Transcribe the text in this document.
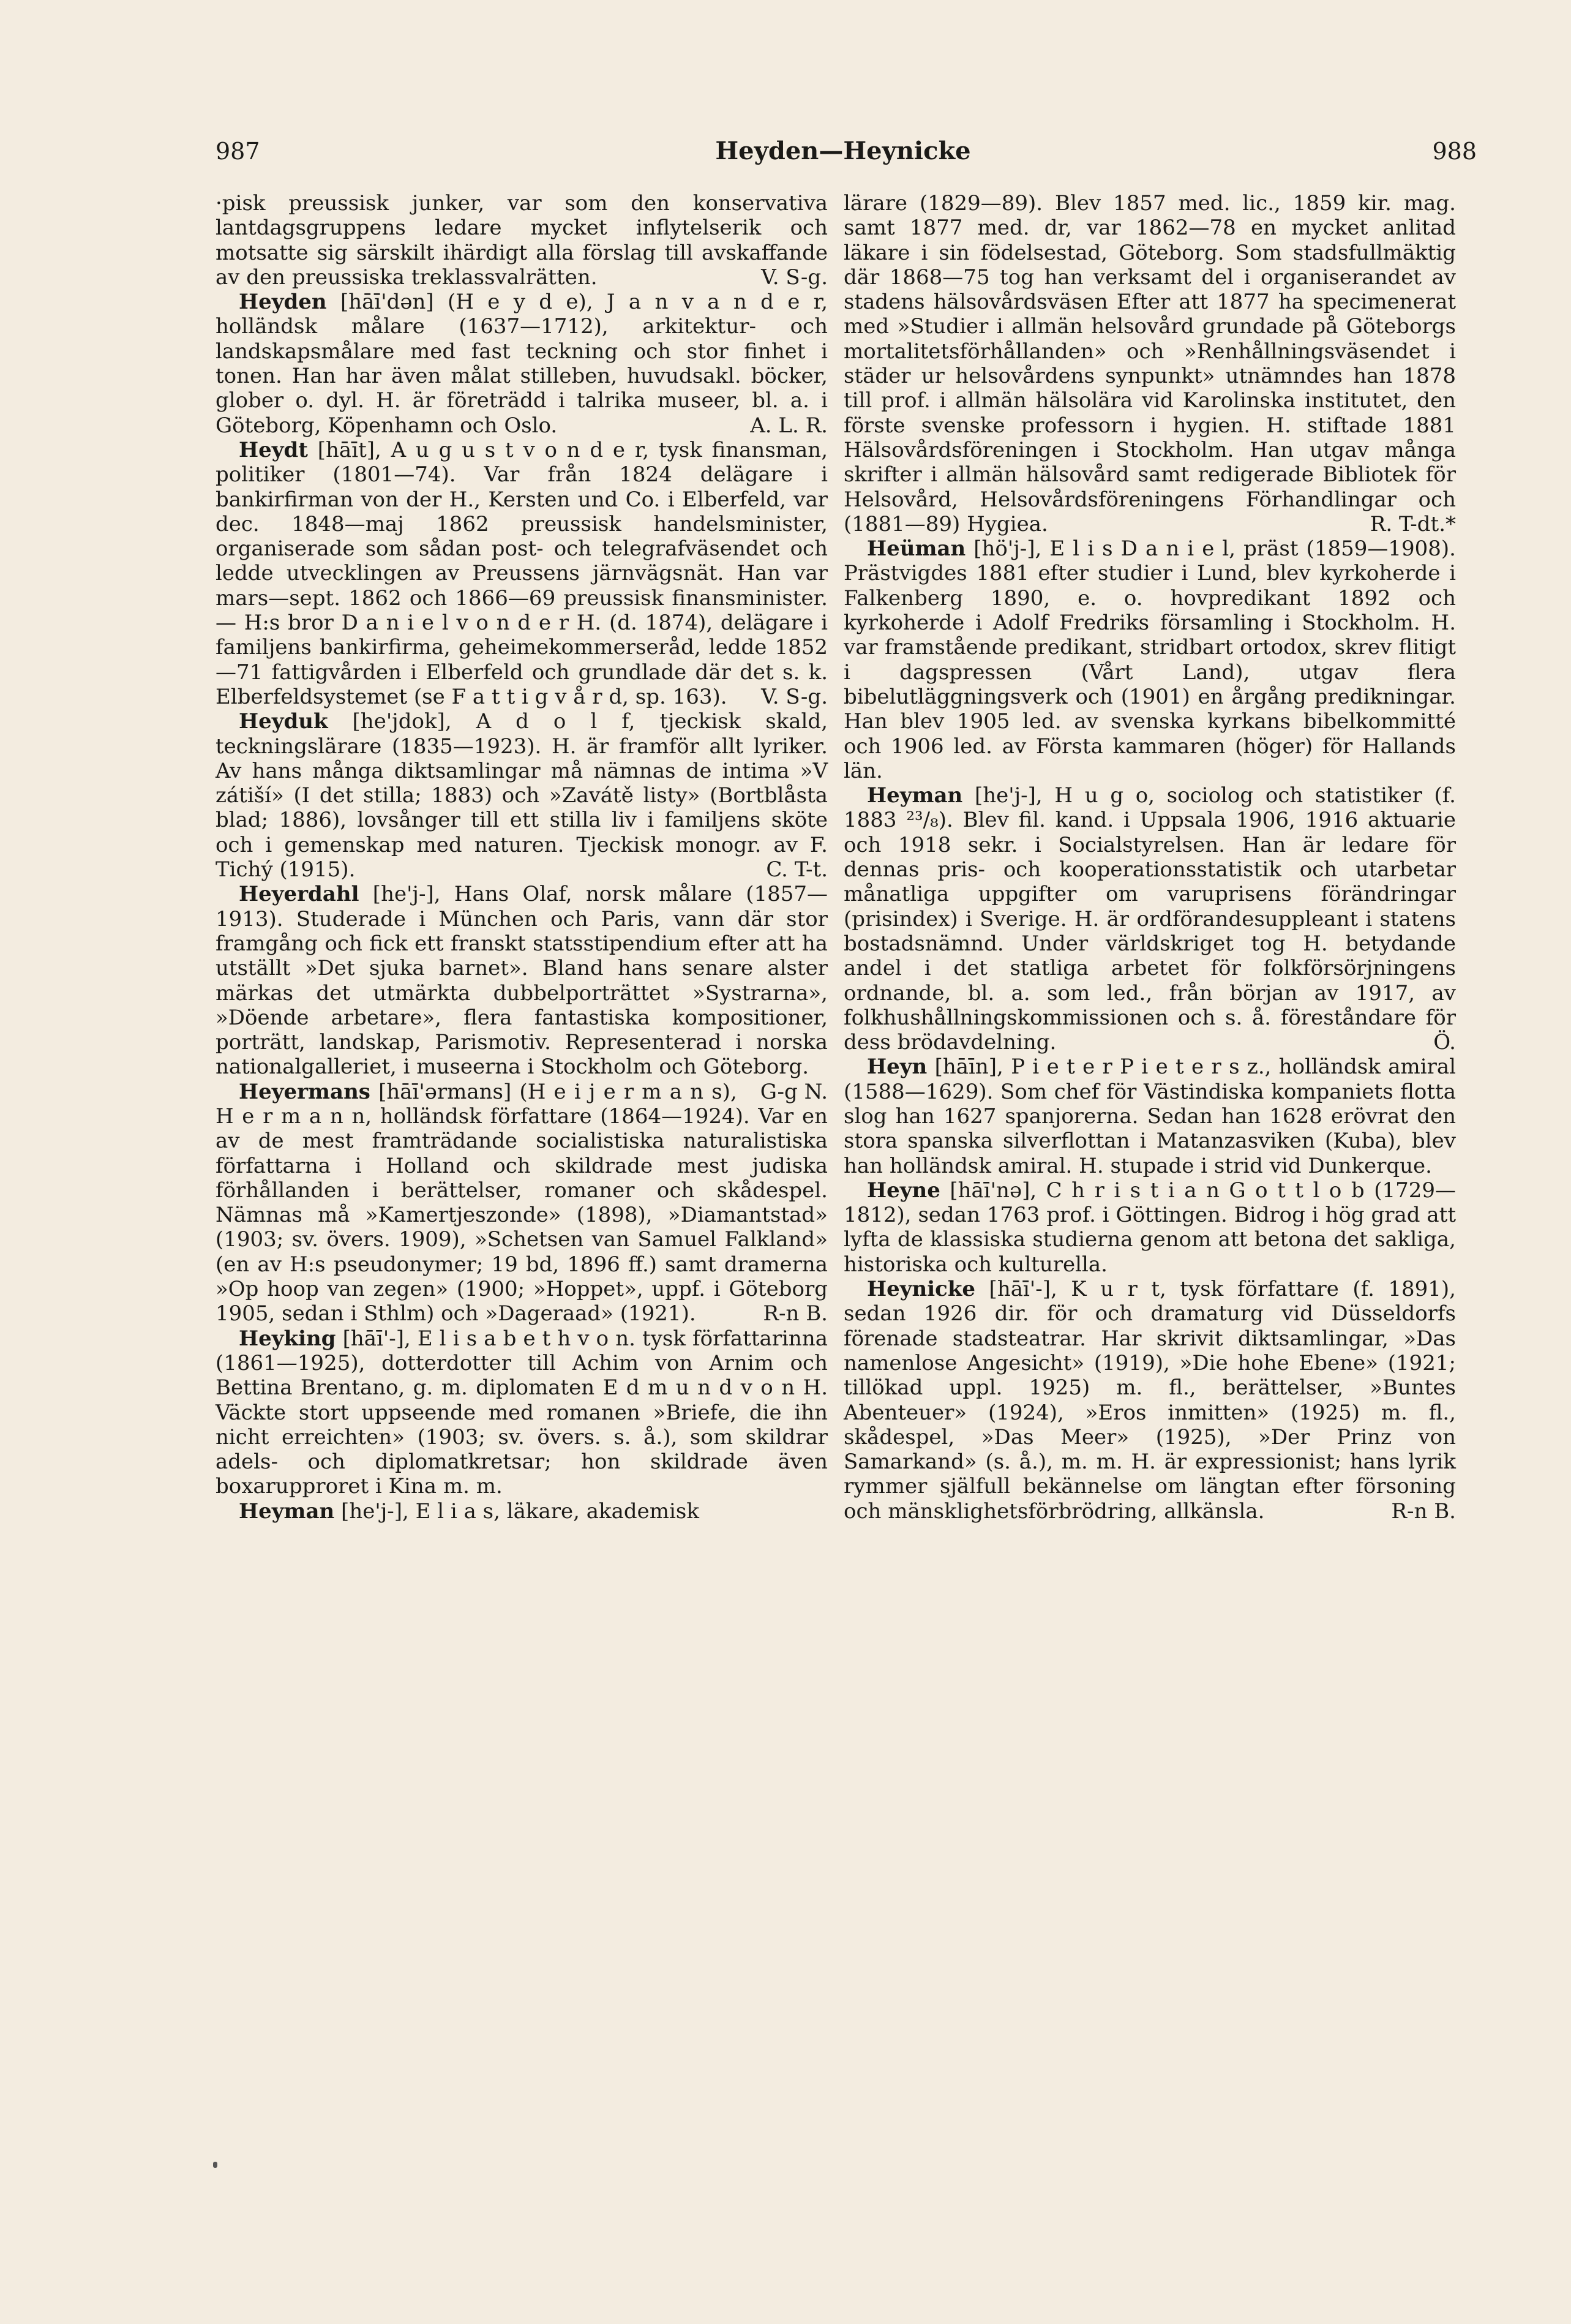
987	Heyden—Heynicke	988

·pisk preussisk junker, var som den konservativa lantdagsgruppens ledare mycket inflytelserik och motsatte sig särskilt ihärdigt alla förslag till avskaffande av den preussiska treklassvalrätten.	V. S-g.

Heyden [hāī'dən] (H e y d e), J a n v a n d e r, holländsk målare (1637—1712), arkitektur- och landskapsmålare med fast teckning och stor finhet i tonen. Han har även målat stilleben, huvudsakl. böcker, glober o. dyl. H. är företrädd i talrika museer, bl. a. i Göteborg, Köpenhamn och Oslo.	A. L. R.

Heydt [hāīt], A u g u s t v o n d e r, tysk finansman, politiker (1801—74). Var från 1824 delägare i bankirfirman von der H., Kersten und Co. i Elberfeld, var dec. 1848—maj 1862 preussisk handelsminister, organiserade som sådan post- och telegrafväsendet och ledde utvecklingen av Preussens järnvägsnät. Han var mars—sept. 1862 och 1866—69 preussisk finansminister. — H:s bror D a n i e l v o n d e r H. (d. 1874), delägare i familjens bankirfirma, geheimekommerseråd, ledde 1852—71 fattigvården i Elberfeld och grundlade där det s. k. Elberfeldsystemet (se F a t t i g v å r d, sp. 163).	V. S-g.

Heyduk [he'jdok], A d o l f, tjeckisk skald, teckningslärare (1835—1923). H. är framför allt lyriker. Av hans många diktsamlingar må nämnas de intima »V zátiší» (I det stilla; 1883) och »Zavátě listy» (Bortblåsta blad; 1886), lovsånger till ett stilla liv i familjens sköte och i gemenskap med naturen. Tjeckisk monogr. av F. Tichý (1915).	C. T-t.

Heyerdahl [he'j-], Hans Olaf, norsk målare (1857—1913). Studerade i München och Paris, vann där stor framgång och fick ett franskt statsstipendium efter att ha utställt »Det sjuka barnet». Bland hans senare alster märkas det utmärkta dubbelporträttet »Systrarna», »Döende arbetare», flera fantastiska kompositioner, porträtt, landskap, Parismotiv. Representerad i norska nationalgalleriet, i museerna i Stockholm och Göteborg.
G-g N.

Heyermans [hāī'ərmans] (H e i j e r m a n s), H e r m a n n, holländsk författare (1864—1924). Var en av de mest framträdande socialistiska naturalistiska författarna i Holland och skildrade mest judiska förhållanden i berättelser, romaner och skådespel. Nämnas må »Kamertjeszonde» (1898), »Diamantstad» (1903; sv. övers. 1909), »Schetsen van Samuel Falkland» (en av H:s pseudonymer; 19 bd, 1896 ff.) samt dramerna »Op hoop van zegen» (1900; »Hoppet», uppf. i Göteborg 1905, sedan i Sthlm) och »Dageraad» (1921).	R-n B.

Heyking [hāī'-], E l i s a b e t h v o n. tysk författarinna (1861—1925), dotterdotter till Achim von Arnim och Bettina Brentano, g. m. diplomaten E d m u n d v o n H. Väckte stort uppseende med romanen »Briefe, die ihn nicht erreichten» (1903; sv. övers. s. å.), som skildrar adels- och diplomatkretsar; hon skildrade även boxarupproret i Kina m. m.

Heyman [he'j-], E l i a s, läkare, akademisk

lärare (1829—89). Blev 1857 med. lic., 1859 kir. mag. samt 1877 med. dr, var 1862—78 en mycket anlitad läkare i sin födelsestad, Göteborg. Som stadsfullmäktig där 1868—75 tog han verksamt del i organiserandet av stadens hälsovårdsväsen Efter att 1877 ha specimenerat med »Studier i allmän helsovård grundade på Göteborgs mortalitetsförhållanden» och »Renhållningsväsendet i städer ur helsovårdens synpunkt» utnämndes han 1878 till prof. i allmän hälsolära vid Karolinska institutet, den förste svenske professorn i hygien. H. stiftade 1881 Hälsovårdsföreningen i Stockholm. Han utgav många skrifter i allmän hälsovård samt redigerade Bibliotek för Helsovård, Helsovårdsföreningens Förhandlingar och (1881—89) Hygiea.	R. T-dt.*

Heüman [hö'j-], E l i s D a n i e l, präst (1859—1908). Prästvigdes 1881 efter studier i Lund, blev kyrkoherde i Falkenberg 1890, e. o. hovpredikant 1892 och kyrkoherde i Adolf Fredriks församling i Stockholm. H. var framstående predikant, stridbart ortodox, skrev flitigt i dagspressen (Vårt Land), utgav flera bibelutläggningsverk och (1901) en årgång predikningar. Han blev 1905 led. av svenska kyrkans bibelkommitté och 1906 led. av Första kammaren (höger) för Hallands län.

Heyman [he'j-], H u g o, sociolog och statistiker (f. 1883 ²³/₈). Blev fil. kand. i Uppsala 1906, 1916 aktuarie och 1918 sekr. i Socialstyrelsen. Han är ledare för dennas pris- och kooperationsstatistik och utarbetar månatliga uppgifter om varuprisens förändringar (prisindex) i Sverige. H. är ordförandesuppleant i statens bostadsnämnd. Under världskriget tog H. betydande andel i det statliga arbetet för folkförsörjningens ordnande, bl. a. som led., från början av 1917, av folkhushållningskommissionen och s. å. föreståndare för dess brödavdelning.	Ö.

Heyn [hāīn], P i e t e r P i e t e r s z., holländsk amiral (1588—1629). Som chef för Västindiska kompaniets flotta slog han 1627 spanjorerna. Sedan han 1628 erövrat den stora spanska silverflottan i Matanzasviken (Kuba), blev han holländsk amiral. H. stupade i strid vid Dunkerque.

Heyne [hāī'nə], C h r i s t i a n G o t t l o b (1729—1812), sedan 1763 prof. i Göttingen. Bidrog i hög grad att lyfta de klassiska studierna genom att betona det sakliga, historiska och kulturella.

Heynicke [hāī'-], K u r t, tysk författare (f. 1891), sedan 1926 dir. för och dramaturg vid Düsseldorfs förenade stadsteatrar. Har skrivit diktsamlingar, »Das namenlose Angesicht» (1919), »Die hohe Ebene» (1921; tillökad uppl. 1925) m. fl., berättelser, »Buntes Abenteuer» (1924), »Eros inmitten» (1925) m. fl., skådespel, »Das Meer» (1925), »Der Prinz von Samarkand» (s. å.), m. m. H. är expressionist; hans lyrik rymmer själfull bekännelse om längtan efter försoning och mänsklighetsförbrödring, allkänsla.	R-n B.
